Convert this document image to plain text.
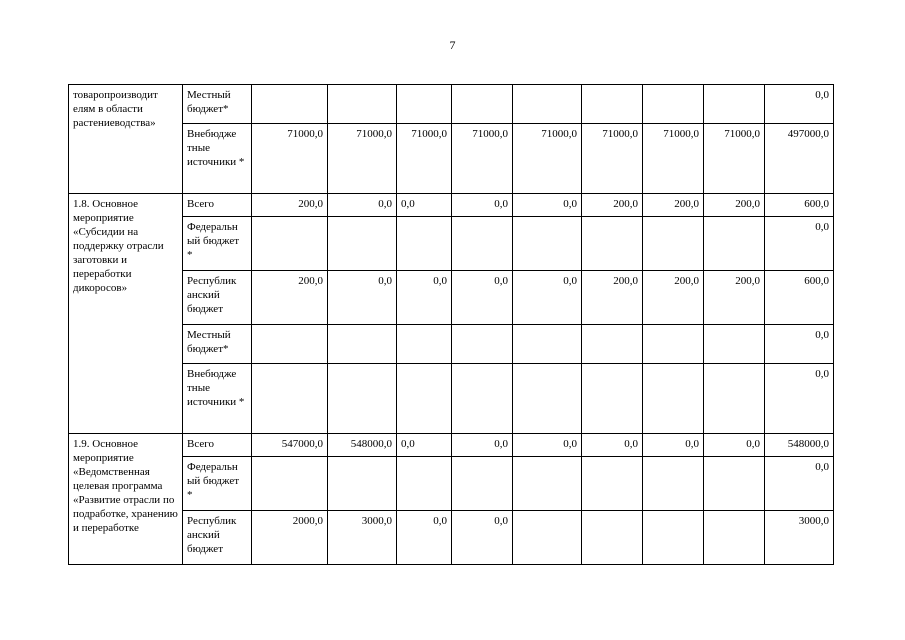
7
товаропроизводит елям в области растениеводства»	Местный бюджет*									0,0
	Внебюдже тные источники *	71000,0	71000,0	71000,0	71000,0	71000,0	71000,0	71000,0	71000,0	497000,0
1.8. Основное мероприятие «Субсидии на поддержку отрасли заготовки и переработки дикоросов»	Всего	200,0	0,0	0,0	0,0	0,0	200,0	200,0	200,0	600,0
	Федеральн ый бюджет *									0,0
	Республик анский бюджет	200,0	0,0	0,0	0,0	0,0	200,0	200,0	200,0	600,0
	Местный бюджет*									0,0
	Внебюдже тные источники *									0,0
1.9. Основное мероприятие «Ведомственная целевая программа «Развитие отрасли по подработке, хранению и переработке	Всего	547000,0	548000,0	0,0	0,0	0,0	0,0	0,0	0,0	548000,0
	Федеральн ый бюджет *									0,0
	Республик анский бюджет	2000,0	3000,0	0,0	0,0					3000,0
